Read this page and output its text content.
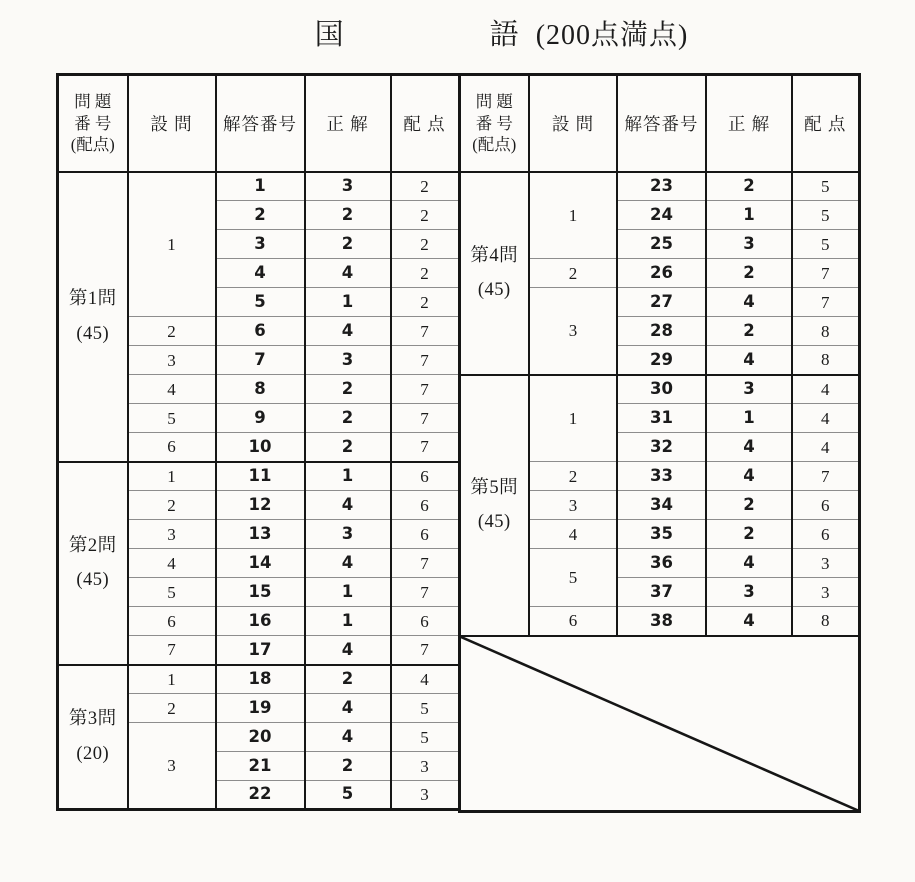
国	語 (200点満点)
問 題
番 号
(配点)	設 問	解答番号	正 解	配 点

第1問
(45)	1	1	3	2
		2	2	2
		3	2	2
		4	4	2
		5	1	2
	2	6	4	7
	3	7	3	7
	4	8	2	7
	5	9	2	7
	6	10	2	7

第2問
(45)	1	11	1	6
	2	12	4	6
	3	13	3	6
	4	14	4	7
	5	15	1	7
	6	16	1	6
	7	17	4	7

第3問
(20)	1	18	2	4
	2	19	4	5
	3	20	4	5
		21	2	3
		22	5	3
問 題
番 号
(配点)	設 問	解答番号	正 解	配 点

第4問
(45)	1	23	2	5
		24	1	5
		25	3	5
	2	26	2	7
	3	27	4	7
		28	2	8
		29	4	8

第5問
(45)	1	30	3	4
		31	1	4
		32	4	4
	2	33	4	7
	3	34	2	6
	4	35	2	6
	5	36	4	3
		37	3	3
	6	38	4	8
